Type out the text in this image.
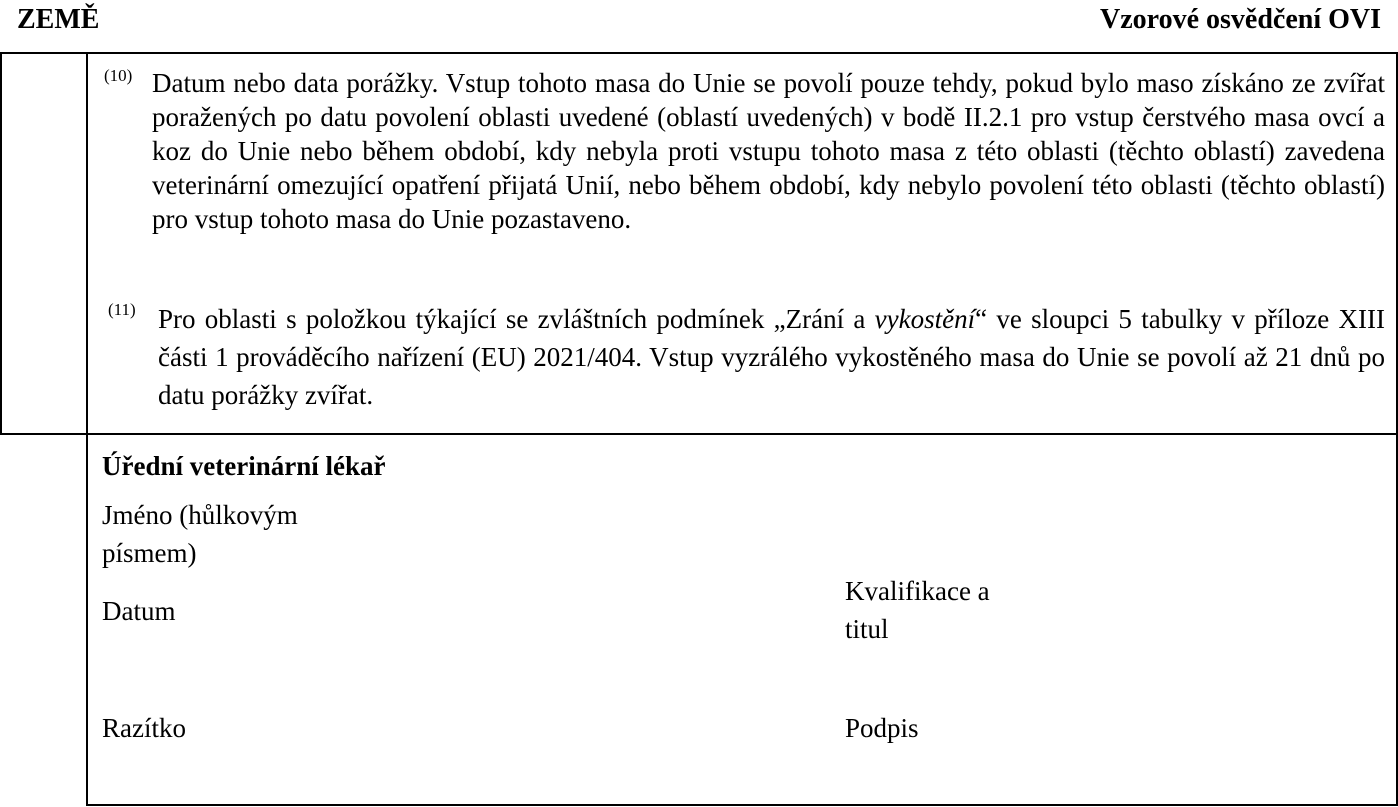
ZEMĚ	Vzorové osvědčení OVI
(10) Datum nebo data porážky. Vstup tohoto masa do Unie se povolí pouze tehdy, pokud bylo maso získáno ze zvířat poražených po datu povolení oblasti uvedené (oblastí uvedených) v bodě II.2.1 pro vstup čerstvého masa ovcí a koz do Unie nebo během období, kdy nebyla proti vstupu tohoto masa z této oblasti (těchto oblastí) zavedena veterinární omezující opatření přijatá Unií, nebo během období, kdy nebylo povolení této oblasti (těchto oblastí) pro vstup tohoto masa do Unie pozastaveno.
(11) Pro oblasti s položkou týkající se zvláštních podmínek „Zrání a vykostění“ ve sloupci 5 tabulky v příloze XIII části 1 prováděcího nařízení (EU) 2021/404. Vstup vyzrálého vykostěného masa do Unie se povolí až 21 dnů po datu porážky zvířat.
Úřední veterinární lékař
Jméno (hůlkovým písmem)
Datum
Kvalifikace a titul
Razítko	Podpis
